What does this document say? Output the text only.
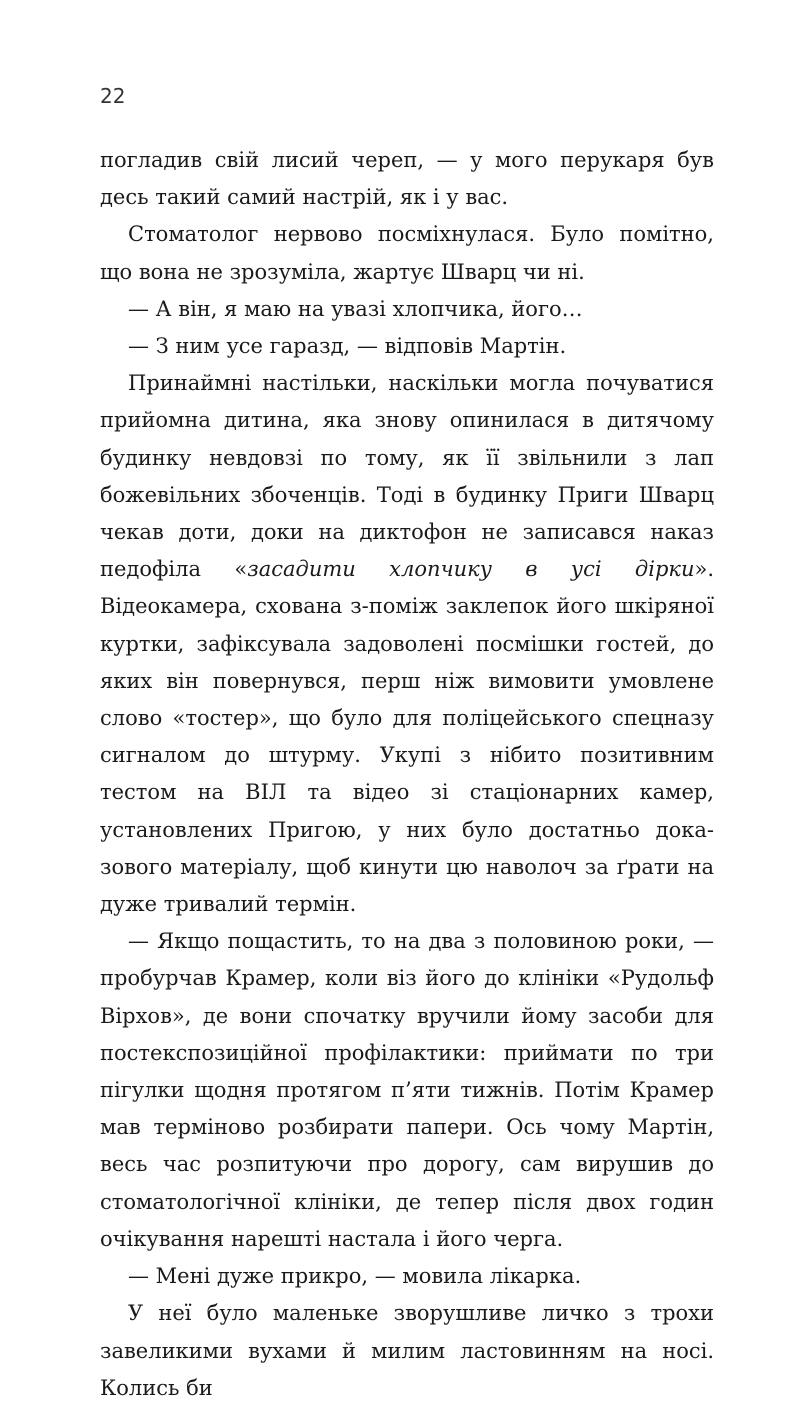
22

погладив свій лисий череп, — у мого перукаря був десь такий самий настрій, як і у вас.

Стоматолог нервово посміхнулася. Було помітно, що вона не зрозуміла, жартує Шварц чи ні.

— А він, я маю на увазі хлопчика, його…

— З ним усе гаразд, — відповів Мартін.

Принаймні настільки, наскільки могла почуватися прийомна дитина, яка знову опинилася в дитячому будинку невдовзі по тому, як її звільнили з лап божевільних збоченців. Тоді в будинку Приги Шварц чекав доти, доки на диктофон не записався наказ педофіла «засадити хлопчику в усі дірки». Відеокамера, схована з-поміж заклепок його шкіряної куртки, зафіксувала задоволені посмішки гостей, до яких він повернувся, перш ніж вимовити умовлене слово «тостер», що було для поліцейського спецназу сигналом до штурму. Укупі з нібито позитивним тестом на ВІЛ та відео зі стаціонарних камер, установлених Пригою, у них було достатньо доказового матеріалу, щоб кинути цю наволоч за ґрати на дуже тривалий термін.

— Якщо пощастить, то на два з половиною роки, — пробурчав Крамер, коли віз його до клініки «Рудольф Вірхов», де вони спочатку вручили йому засоби для постекспозиційної профілактики: приймати по три пігулки щодня протягом п’яти тижнів. Потім Крамер мав терміново розбирати папери. Ось чому Мартін, весь час розпитуючи про дорогу, сам вирушив до стоматологічної клініки, де тепер після двох годин очікування нарешті настала і його черга.

— Мені дуже прикро, — мовила лікарка.

У неї було маленьке зворушливе личко з трохи завеликими вухами й милим ластовинням на носі. Колись би
